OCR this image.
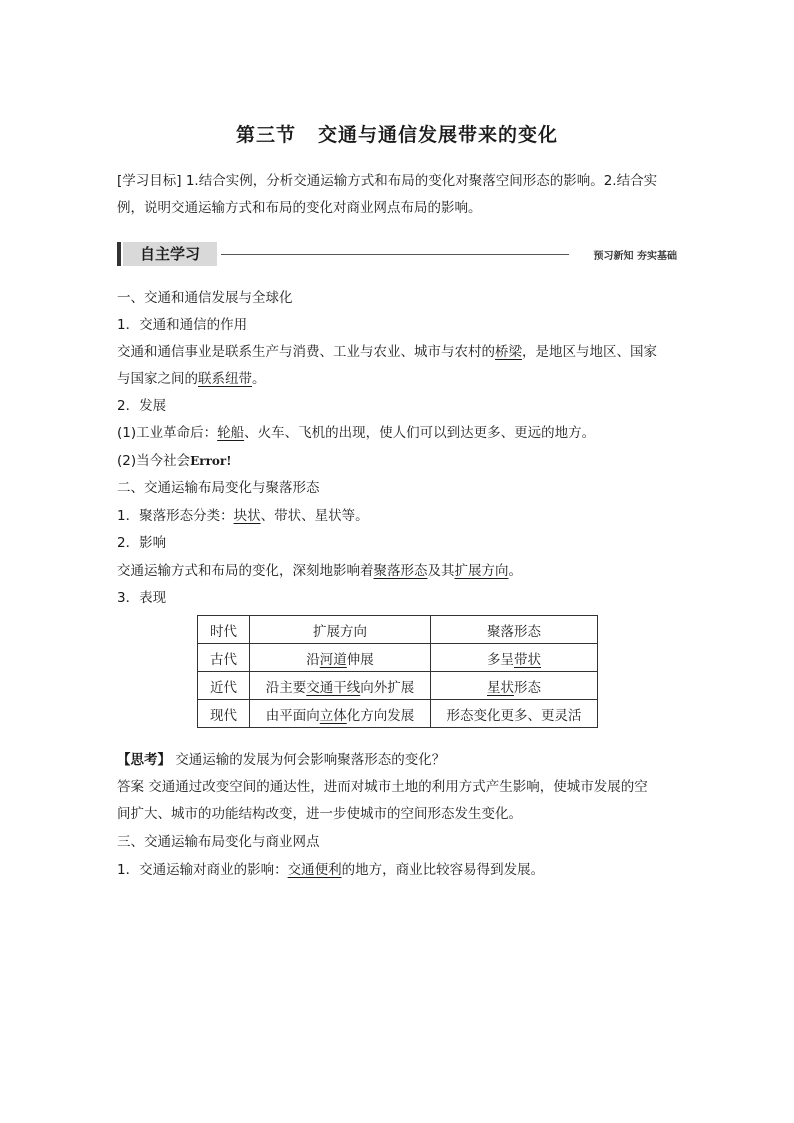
第三节 交通与通信发展带来的变化
[学习目标] 1.结合实例，分析交通运输方式和布局的变化对聚落空间形态的影响。2.结合实
例，说明交通运输方式和布局的变化对商业网点布局的影响。
自主学习	预习新知 夯实基础
一、交通和通信发展与全球化
1．交通和通信的作用
交通和通信事业是联系生产与消费、工业与农业、城市与农村的桥梁，是地区与地区、国家
与国家之间的联系纽带。
2．发展
(1)工业革命后：轮船、火车、飞机的出现，使人们可以到达更多、更远的地方。
(2)当今社会Error!
二、交通运输布局变化与聚落形态
1．聚落形态分类：块状、带状、星状等。
2．影响
交通运输方式和布局的变化，深刻地影响着聚落形态及其扩展方向。
3．表现
时代	扩展方向	聚落形态
古代	沿河道伸展	多呈带状
近代	沿主要交通干线向外扩展	星状形态
现代	由平面向立体化方向发展	形态变化更多、更灵活
【思考】 交通运输的发展为何会影响聚落形态的变化？
答案 交通通过改变空间的通达性，进而对城市土地的利用方式产生影响，使城市发展的空
间扩大、城市的功能结构改变，进一步使城市的空间形态发生变化。
三、交通运输布局变化与商业网点
1．交通运输对商业的影响：交通便利的地方，商业比较容易得到发展。
